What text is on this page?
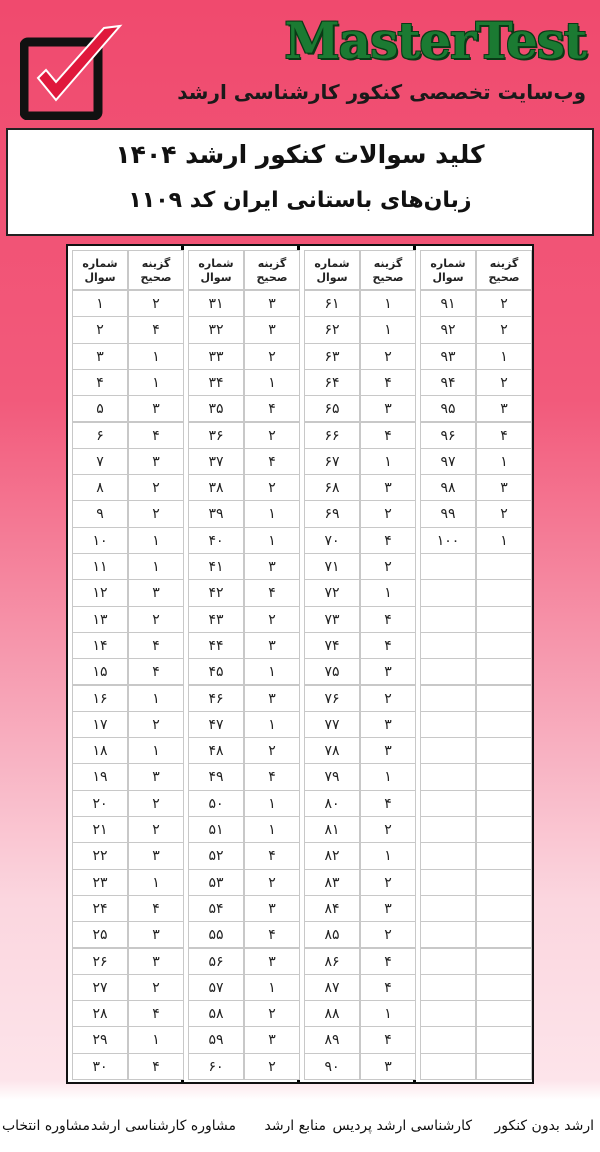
MasterTest
وب‌سایت تخصصی کنکور کارشناسی ارشد
کلید سوالات کنکور ارشد ۱۴۰۴
زبان‌های باستانی ایران کد ۱۱۰۹
شماره سوال
گزینه صحیح
۱	۲
۲	۴
۳	۱
۴	۱
۵	۳
۶	۴
۷	۳
۸	۲
۹	۲
۱۰	۱
۱۱	۱
۱۲	۳
۱۳	۲
۱۴	۴
۱۵	۴
۱۶	۱
۱۷	۲
۱۸	۱
۱۹	۳
۲۰	۲
۲۱	۲
۲۲	۳
۲۳	۱
۲۴	۴
۲۵	۳
۲۶	۳
۲۷	۲
۲۸	۴
۲۹	۱
۳۰	۴
شماره سوال
گزینه صحیح
۳۱	۳
۳۲	۳
۳۳	۲
۳۴	۱
۳۵	۴
۳۶	۲
۳۷	۴
۳۸	۲
۳۹	۱
۴۰	۱
۴۱	۳
۴۲	۴
۴۳	۲
۴۴	۳
۴۵	۱
۴۶	۳
۴۷	۱
۴۸	۲
۴۹	۴
۵۰	۱
۵۱	۱
۵۲	۴
۵۳	۲
۵۴	۳
۵۵	۴
۵۶	۳
۵۷	۱
۵۸	۲
۵۹	۳
۶۰	۲
شماره سوال
گزینه صحیح
۶۱	۱
۶۲	۱
۶۳	۲
۶۴	۴
۶۵	۳
۶۶	۴
۶۷	۱
۶۸	۳
۶۹	۲
۷۰	۴
۷۱	۲
۷۲	۱
۷۳	۴
۷۴	۴
۷۵	۳
۷۶	۲
۷۷	۳
۷۸	۳
۷۹	۱
۸۰	۴
۸۱	۲
۸۲	۱
۸۳	۲
۸۴	۳
۸۵	۲
۸۶	۴
۸۷	۴
۸۸	۱
۸۹	۴
۹۰	۳
شماره سوال
گزینه صحیح
۹۱	۲
۹۲	۲
۹۳	۱
۹۴	۲
۹۵	۳
۹۶	۴
۹۷	۱
۹۸	۳
۹۹	۲
۱۰۰	۱
ارشد بدون کنکور
کارشناسی ارشد پردیس
منابع ارشد
مشاوره کارشناسی ارشد
مشاوره انتخاب
